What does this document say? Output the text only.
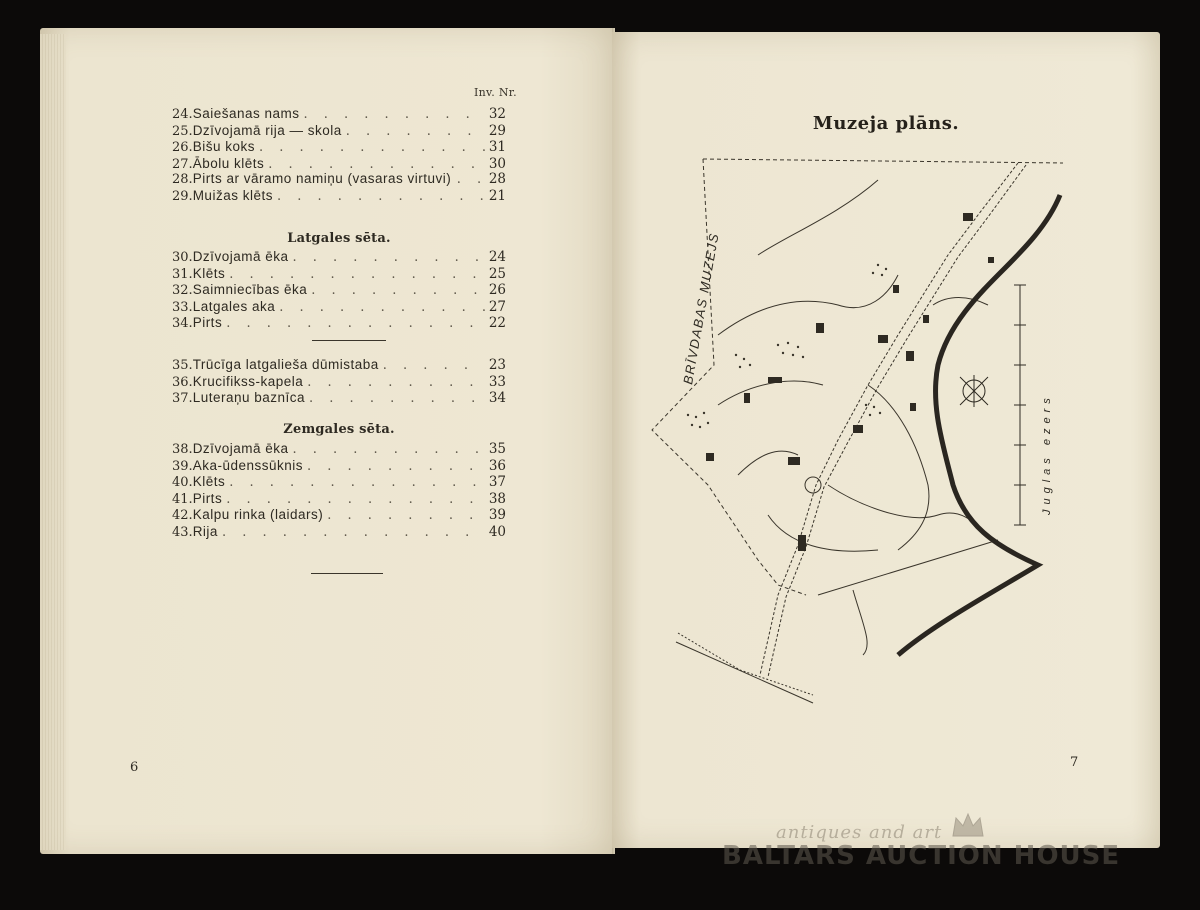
Inv. Nr.
24. Saiešanas nams . . .	32
25. Dzīvojamā rija — skola . . .	29
26. Bišu koks . . .	31
27. Ābolu klēts . . .	30
28. Pirts ar vāramo namiņu (vasaras virtuvi) . . .	28
29. Muižas klēts . . .	21
Latgales sēta.
30. Dzīvojamā ēka . . .	24
31. Klēts . . .	25
32. Saimniecības ēka . . .	26
33. Latgales aka . . .	27
34. Pirts . . .	22
35. Trūcīga latgalieša dūmistaba . . .	23
36. Krucifikss-kapela . . .	33
37. Luteraņu baznīca . . .	34
Zemgales sēta.
38. Dzīvojamā ēka . . .	35
39. Aka-ūdenssūknis . . .	36
40. Klēts . . .	37
41. Pirts . . .	38
42. Kalpu rinka (laidars) . . .	39
43. Rija . . .	40
6
Muzeja plāns.
BRĪVDABAS MUZEJS
Juglas ezers
7
antiques and art
BALTARS AUCTION HOUSE
